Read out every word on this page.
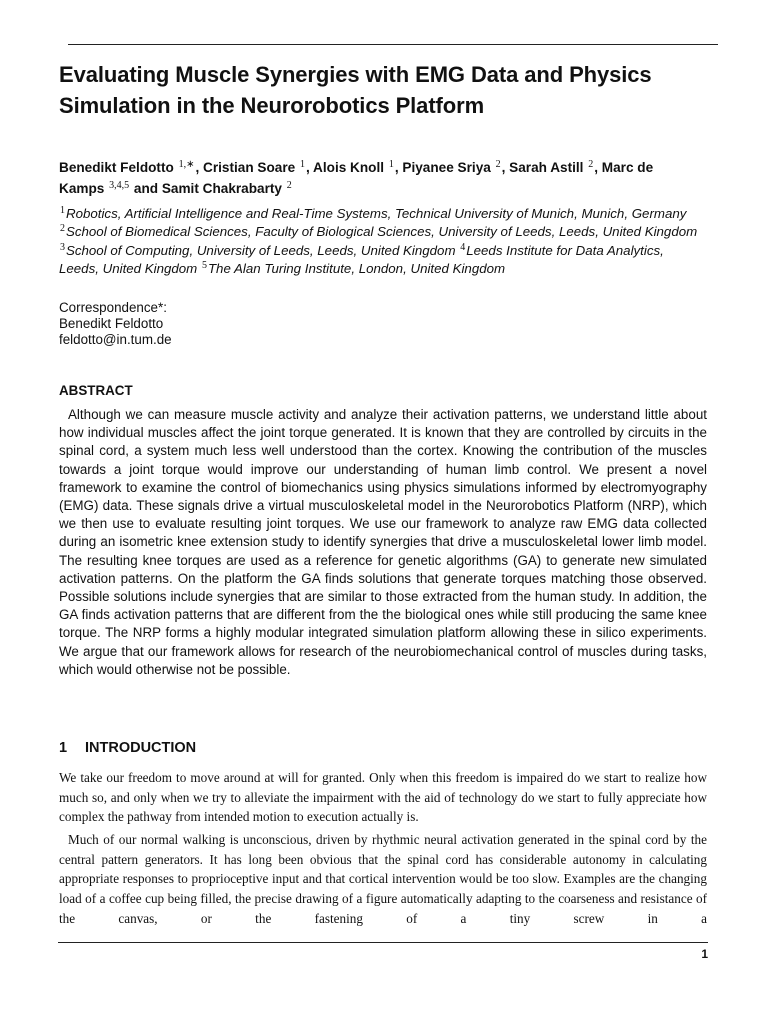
Evaluating Muscle Synergies with EMG Data and Physics Simulation in the Neurorobotics Platform

Benedikt Feldotto $^{1,∗}$, Cristian Soare $^1$, Alois Knoll $^1$, Piyanee Sriya $^2$, Sarah Astill $^2$, Marc de Kamps $^{3,4,5}$ and Samit Chakrabarty $^2$

$^1$Robotics, Artificial Intelligence and Real-Time Systems, Technical University of Munich, Munich, Germany $^2$School of Biomedical Sciences, Faculty of Biological Sciences, University of Leeds, Leeds, United Kingdom $^3$School of Computing, University of Leeds, Leeds, United Kingdom $^4$Leeds Institute for Data Analytics, Leeds, United Kingdom $^5$The Alan Turing Institute, London, United Kingdom

Correspondence*:
Benedikt Feldotto
feldotto@in.tum.de

ABSTRACT

Although we can measure muscle activity and analyze their activation patterns, we understand little about how individual muscles affect the joint torque generated. It is known that they are controlled by circuits in the spinal cord, a system much less well understood than the cortex. Knowing the contribution of the muscles towards a joint torque would improve our understanding of human limb control. We present a novel framework to examine the control of biomechanics using physics simulations informed by electromyography (EMG) data. These signals drive a virtual musculoskeletal model in the Neurorobotics Platform (NRP), which we then use to evaluate resulting joint torques. We use our framework to analyze raw EMG data collected during an isometric knee extension study to identify synergies that drive a musculoskeletal lower limb model. The resulting knee torques are used as a reference for genetic algorithms (GA) to generate new simulated activation patterns. On the platform the GA finds solutions that generate torques matching those observed. Possible solutions include synergies that are similar to those extracted from the human study. In addition, the GA finds activation patterns that are different from the the biological ones while still producing the same knee torque. The NRP forms a highly modular integrated simulation platform allowing these in silico experiments. We argue that our framework allows for research of the neurobiomechanical control of muscles during tasks, which would otherwise not be possible.

1 INTRODUCTION

We take our freedom to move around at will for granted. Only when this freedom is impaired do we start to realize how much so, and only when we try to alleviate the impairment with the aid of technology do we start to fully appreciate how complex the pathway from intended motion to execution actually is.

Much of our normal walking is unconscious, driven by rhythmic neural activation generated in the spinal cord by the central pattern generators. It has long been obvious that the spinal cord has considerable autonomy in calculating appropriate responses to proprioceptive input and that cortical intervention would be too slow. Examples are the changing load of a coffee cup being filled, the precise drawing of a figure automatically adapting to the coarseness and resistance of the canvas, or the fastening of a tiny screw in a

1
